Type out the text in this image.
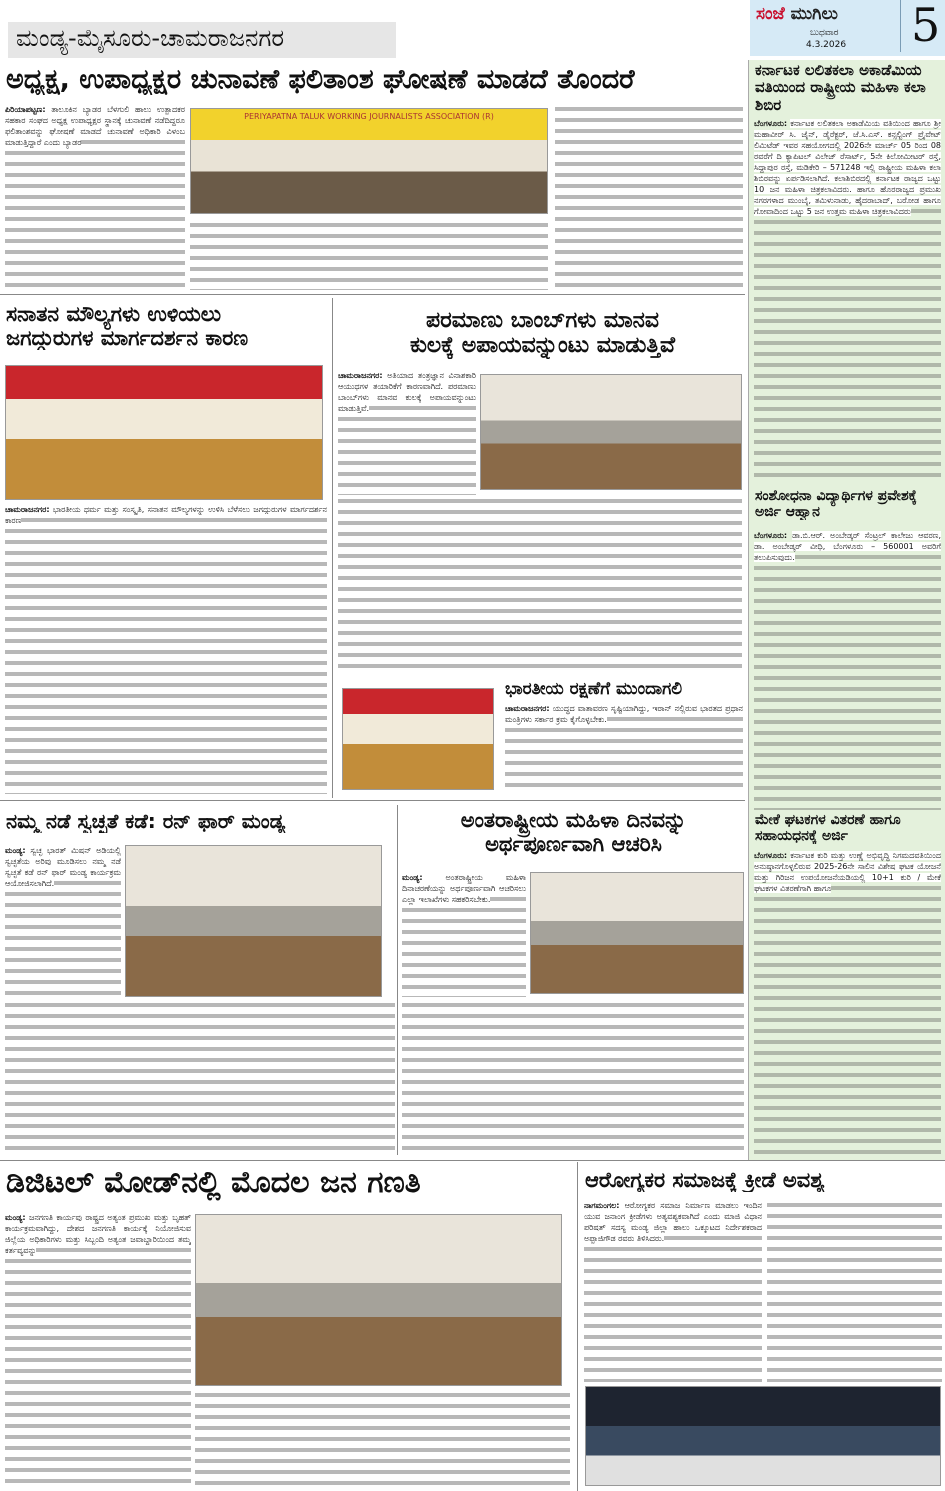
ಮಂಡ್ಯ-ಮೈಸೂರು-ಚಾಮರಾಜನಗರ
ಸಂಜೆ ಮುಗಿಲು
ಬುಧವಾರ
4.3.2026 5
ಅಧ್ಯಕ್ಷ, ಉಪಾಧ್ಯಕ್ಷರ ಚುನಾವಣೆ ಫಲಿತಾಂಶ ಘೋಷಣೆ ಮಾಡದೆ ತೊಂದರೆ
ಪಿರಿಯಾಪಟ್ಟಣ: ತಾಲೂಕಿನ ಬ್ಯಾಡರ ಬೆಳಗುಲಿ ಹಾಲು ಉತ್ಪಾದಕರ ಸಹಕಾರ ಸಂಘದ ಅಧ್ಯಕ್ಷ ಉಪಾಧ್ಯಕ್ಷರ ಸ್ಥಾನಕ್ಕೆ ಚುನಾವಣೆ ನಡೆದಿದ್ದರೂ ಫಲಿತಾಂಶವನ್ನು ಘೋಷಣೆ ಮಾಡದೆ ಚುನಾವಣೆ ಅಧಿಕಾರಿ ವಿಳಂಬ ಮಾಡುತ್ತಿದ್ದಾರೆ ಎಂದು ಬ್ಯಾಡರ
PERIYAPATNA TALUK WORKING JOURNALISTS ASSOCIATION (R)
ಕರ್ನಾಟಕ ಲಲಿತಕಲಾ ಅಕಾಡೆಮಿಯ ವತಿಯಿಂದ ರಾಷ್ಟ್ರೀಯ ಮಹಿಳಾ ಕಲಾ ಶಿಬಿರ
ಬೆಂಗಳೂರು: ಕರ್ನಾಟಕ ಲಲಿತಕಲಾ ಅಕಾಡೆಮಿಯ ವತಿಯಿಂದ ಹಾಗೂ ಶ್ರೀ ಮಹಾವೀರ್ ಸಿ. ಜೈನ್, ಡೈರೆಕ್ಟರ್, ಜೆ.ಸಿ.ಎಸ್. ಕನ್ಸಲ್ಟಿಂಗ್ ಪ್ರೈವೇಟ್ ಲಿಮಿಟೆಡ್ ಇವರ ಸಹಯೋಗದಲ್ಲಿ 2026ನೇ ಮಾರ್ಚ್ 05 ರಿಂದ 08 ರವರೆಗೆ ದಿ ಕ್ಯಾಪಿಟಲ್ ವಿಲೇಜ್ ರೆಸಾರ್ಟ್, 5ನೇ ಕಿಲೋಮೀಟರ್ ರಸ್ತೆ, ಸಿದ್ದಾಪುರ ರಸ್ತೆ, ಮಡಿಕೇರಿ – 571248 ಇಲ್ಲಿ ರಾಷ್ಟ್ರೀಯ ಮಹಿಳಾ ಕಲಾ ಶಿಬಿರವನ್ನು ಏರ್ಪಡಿಸಲಾಗಿದೆ. ಕಲಾಶಿಬಿರದಲ್ಲಿ ಕರ್ನಾಟಕ ರಾಜ್ಯದ ಒಟ್ಟು 10 ಜನ ಮಹಿಳಾ ಚಿತ್ರಕಲಾವಿದರು. ಹಾಗೂ ಹೊರರಾಜ್ಯದ ಪ್ರಮುಖ ನಗರಗಳಾದ ಮುಂಬೈ, ತಮಿಳುನಾಡು, ಹೈದರಾಬಾದ್, ಬರೋಡ ಹಾಗೂ ಗೋವಾದಿಂದ ಒಟ್ಟು 5 ಜನ ಉತ್ತಮ ಮಹಿಳಾ ಚಿತ್ರಕಲಾವಿದರು
ಸಂಶೋಧನಾ ವಿದ್ಯಾರ್ಥಿಗಳ ಪ್ರವೇಶಕ್ಕೆ ಅರ್ಜಿ ಆಹ್ವಾನ
ಬೆಂಗಳೂರು: ಡಾ.ಬಿ.ಆರ್. ಅಂಬೇಡ್ಕರ್ ಸೆಂಟ್ರಲ್ ಕಾಲೇಜು ಆವರಣ, ಡಾ. ಅಂಬೇಡ್ಕರ್ ವೀಧಿ, ಬೆಂಗಳೂರು – 560001 ಅವರಿಗೆ ತಲುಪಿಸುವುದು.
ಮೇಕೆ ಘಟಕಗಳ ವಿತರಣೆ ಹಾಗೂ ಸಹಾಯಧನಕ್ಕೆ ಅರ್ಜಿ
ಬೆಂಗಳೂರು: ಕರ್ನಾಟಕ ಕುರಿ ಮತ್ತು ಉಣ್ಣೆ ಅಭಿವೃದ್ಧಿ ನಿಗಮದವತಿಯಿಂದ ಅನುಷ್ಠಾನಗೊಳ್ಳಲಿರುವ 2025-26ನೇ ಸಾಲಿನ ವಿಶೇಷ ಘಟಕ ಯೋಜನೆ ಮತ್ತು ಗಿರಿಜನ ಉಪಯೋಜನೆಯಡಿಯಲ್ಲಿ 10+1 ಕುರಿ / ಮೇಕೆ ಘಟಕಗಳ ವಿತರಣೆಗಾಗಿ ಹಾಗೂ
ಸನಾತನ ಮೌಲ್ಯಗಳು ಉಳಿಯಲು
ಜಗದ್ಗುರುಗಳ ಮಾರ್ಗದರ್ಶನ ಕಾರಣ
ಚಾಮರಾಜನಗರ: ಭಾರತೀಯ ಧರ್ಮ ಮತ್ತು ಸಂಸ್ಕೃತಿ, ಸನಾತನ ಮೌಲ್ಯಗಳನ್ನು ಉಳಿಸಿ ಬೆಳೆಸಲು ಜಗದ್ಗುರುಗಳ ಮಾರ್ಗದರ್ಶನ ಕಾರಣ
ಪರಮಾಣು ಬಾಂಬ್‌ಗಳು ಮಾನವ
ಕುಲಕ್ಕೆ ಅಪಾಯವನ್ನುಂಟು ಮಾಡುತ್ತಿವೆ
ಚಾಮರಾಜನಗರ: ಅತಿಯಾದ ತಂತ್ರಜ್ಞಾನ ವಿನಾಶಕಾರಿ ಆಯುಧಗಳ ತಯಾರಿಕೆಗೆ ಕಾರಣವಾಗಿದೆ. ಪರಮಾಣು ಬಾಂಬ್‌ಗಳು ಮಾನವ ಕುಲಕ್ಕೆ ಅಪಾಯವನ್ನುಂಟು ಮಾಡುತ್ತಿವೆ.
ಭಾರತೀಯ ರಕ್ಷಣೆಗೆ ಮುಂದಾಗಲಿ
ಚಾಮರಾಜನಗರ: ಯುದ್ಧದ ವಾತಾವರಣ ಸೃಷ್ಟಿಯಾಗಿದ್ದು, ಇರಾನ್ ನಲ್ಲಿರುವ ಭಾರತದ ಪ್ರಧಾನ ಮಂತ್ರಿಗಳು ಸರ್ಕಾರ ಕ್ರಮ ಕೈಗೊಳ್ಳಬೇಕು.
ನಮ್ಮ ನಡೆ ಸ್ವಚ್ಛತೆ ಕಡೆ: ರನ್ ಫಾರ್ ಮಂಡ್ಯ
ಮಂಡ್ಯ: ಸ್ವಚ್ಛ ಭಾರತ್ ಮಿಷನ್ ಅಡಿಯಲ್ಲಿ ಸ್ವಚ್ಛತೆಯ ಅರಿವು ಮೂಡಿಸಲು ನಮ್ಮ ನಡೆ ಸ್ವಚ್ಛತೆ ಕಡೆ ರನ್ ಫಾರ್ ಮಂಡ್ಯ ಕಾರ್ಯಕ್ರಮ ಆಯೋಜಿಸಲಾಗಿದೆ.
ಅಂತರಾಷ್ಟ್ರೀಯ ಮಹಿಳಾ ದಿನವನ್ನು
ಅರ್ಥಪೂರ್ಣವಾಗಿ ಆಚರಿಸಿ
ಮಂಡ್ಯ:	ಅಂತರಾಷ್ಟ್ರೀಯ ಮಹಿಳಾ ದಿನಾಚರಣೆಯನ್ನು ಅರ್ಥಪೂರ್ಣವಾಗಿ ಆಚರಿಸಲು ಎಲ್ಲಾ ಇಲಾಖೆಗಳು ಸಹಕರಿಸಬೇಕು.
ಡಿಜಿಟಲ್ ಮೋಡ್‌ನಲ್ಲಿ ಮೊದಲ ಜನ ಗಣತಿ
ಮಂಡ್ಯ: ಜನಗಣತಿ ಕಾರ್ಯವು ರಾಷ್ಟ್ರದ ಅತ್ಯಂತ ಪ್ರಮುಖ ಮತ್ತು ಬೃಹತ್ ಕಾರ್ಯಕ್ರಮವಾಗಿದ್ದು, ದೇಶದ ಜನಗಣತಿ ಕಾರ್ಯಕ್ಕೆ ನಿಯೋಜಿಸುವ ಜಿಲ್ಲೆಯ ಅಧಿಕಾರಿಗಳು ಮತ್ತು ಸಿಬ್ಬಂದಿ ಅತ್ಯಂತ ಜವಾಬ್ದಾರಿಯಿಂದ ತಮ್ಮ ಕರ್ತವ್ಯವನ್ನು
ಆರೋಗ್ಯಕರ ಸಮಾಜಕ್ಕೆ ಕ್ರೀಡೆ ಅವಶ್ಯ
ನಾಗಮಂಗಲ: ಆರೋಗ್ಯಕರ ಸಮಾಜ ನಿರ್ಮಾಣ ಮಾಡಲು ಇಂದಿನ ಯುವ ಜನಾಂಗ ಕ್ರೀಡೆಗಳು ಅತ್ಯವಶ್ಯಕವಾಗಿದೆ ಎಂದು ಮಾಜಿ ವಿಧಾನ ಪರಿಷತ್ ಸದಸ್ಯ ಮಂಡ್ಯ ಜಿಲ್ಲಾ ಹಾಲು ಒಕ್ಕೂಟದ ನಿರ್ದೇಶಕರಾದ ಅಪ್ಪಾಜಿಗೌಡ ರವರು ತಿಳಿಸಿದರು.
